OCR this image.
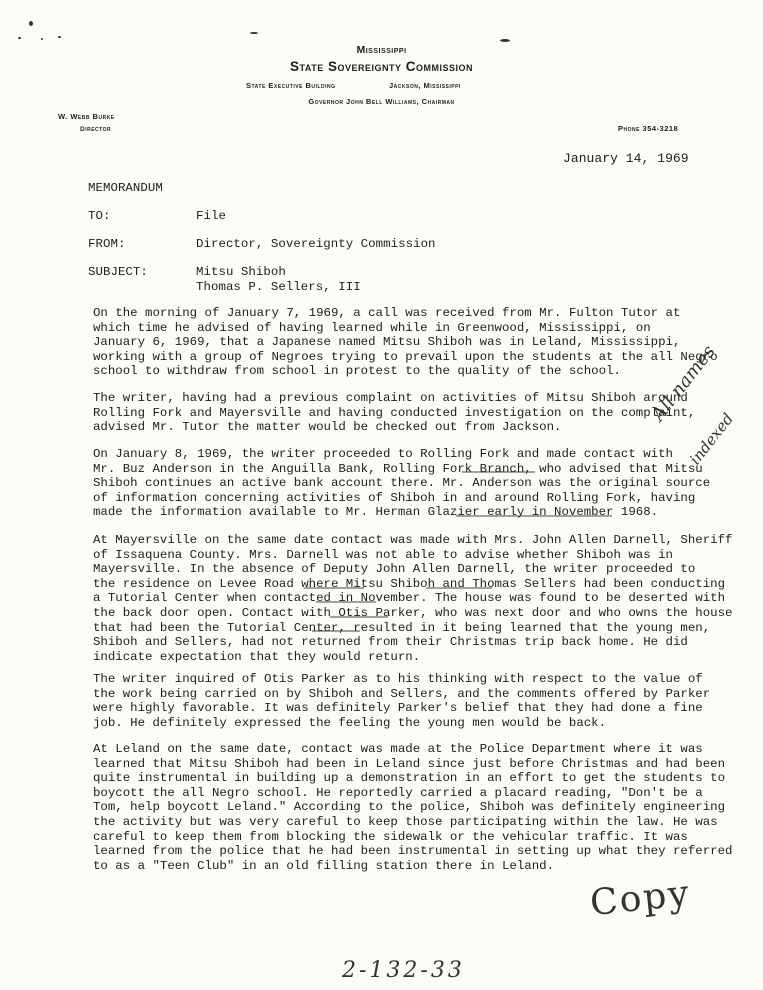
Mississippi
State Sovereignty Commission
State Executive Building	Jackson, Mississippi
Governor John Bell Williams, Chairman
W. Webb Burke
Director	Phone 354-3218
January 14, 1969
MEMORANDUM
TO:	File
FROM:	Director, Sovereignty Commission
SUBJECT:	Mitsu Shiboh
Thomas P. Sellers, III
On the morning of January 7, 1969, a call was received from Mr. Fulton Tutor at
which time he advised of having learned while in Greenwood, Mississippi, on
January 6, 1969, that a Japanese named Mitsu Shiboh was in Leland, Mississippi,
working with a group of Negroes trying to prevail upon the students at the all Negro
school to withdraw from school in protest to the quality of the school.
The writer, having had a previous complaint on activities of Mitsu Shiboh around
Rolling Fork and Mayersville and having conducted investigation on the complaint,
advised Mr. Tutor the matter would be checked out from Jackson.
On January 8, 1969, the writer proceeded to Rolling Fork and made contact with
Mr. Buz Anderson in the Anguilla Bank, Rolling Fork Branch, who advised that Mitsu
Shiboh continues an active bank account there. Mr. Anderson was the original source
of information concerning activities of Shiboh in and around Rolling Fork, having
made the information available to Mr. Herman Glazier early in November 1968.
At Mayersville on the same date contact was made with Mrs. John Allen Darnell, Sheriff
of Issaquena County. Mrs. Darnell was not able to advise whether Shiboh was in
Mayersville. In the absence of Deputy John Allen Darnell, the writer proceeded to
the residence on Levee Road where Mitsu Shiboh and Thomas Sellers had been conducting
a Tutorial Center when contacted in November. The house was found to be deserted with
the back door open. Contact with Otis Parker, who was next door and who owns the house
that had been the Tutorial Center, resulted in it being learned that the young men,
Shiboh and Sellers, had not returned from their Christmas trip back home. He did
indicate expectation that they would return.
The writer inquired of Otis Parker as to his thinking with respect to the value of
the work being carried on by Shiboh and Sellers, and the comments offered by Parker
were highly favorable. It was definitely Parker's belief that they had done a fine
job. He definitely expressed the feeling the young men would be back.
At Leland on the same date, contact was made at the Police Department where it was
learned that Mitsu Shiboh had been in Leland since just before Christmas and had been
quite instrumental in building up a demonstration in an effort to get the students to
boycott the all Negro school. He reportedly carried a placard reading, "Don't be a
Tom, help boycott Leland." According to the police, Shiboh was definitely engineering
the activity but was very careful to keep those participating within the law. He was
careful to keep them from blocking the sidewalk or the vehicular traffic. It was
learned from the police that he had been instrumental in setting up what they referred
to as a "Teen Club" in an old filling station there in Leland.
All names
indexed
Copy
2-132-33
